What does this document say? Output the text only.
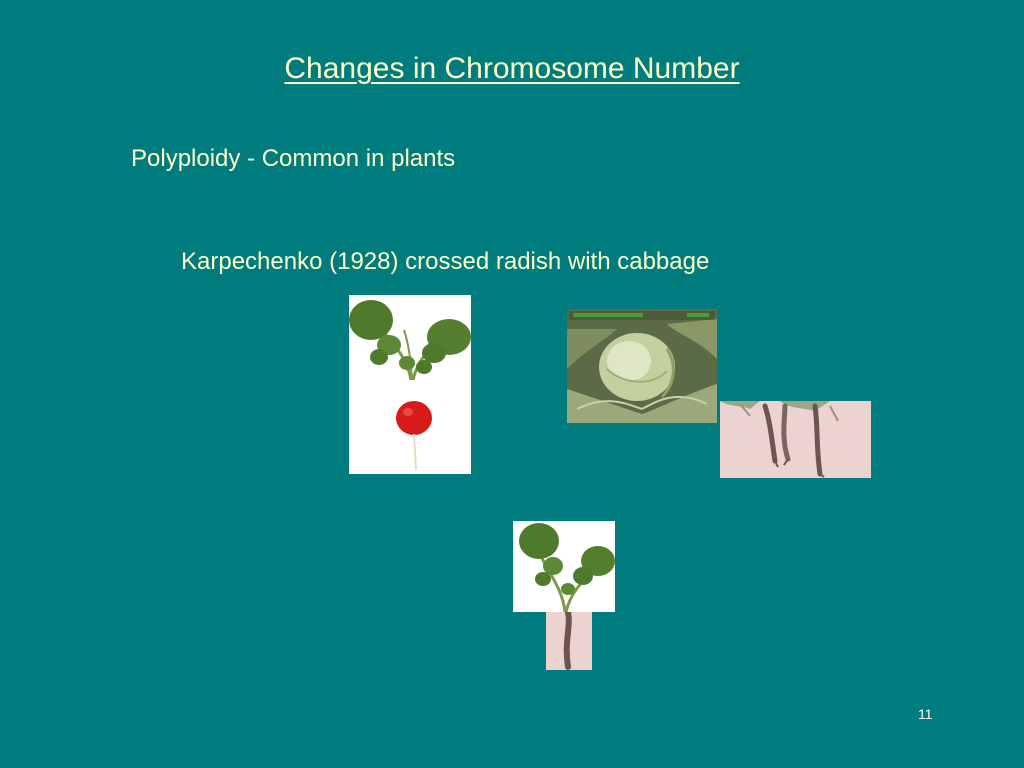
Changes in Chromosome Number
Polyploidy - Common in plants
Karpechenko (1928) crossed radish with cabbage
11
